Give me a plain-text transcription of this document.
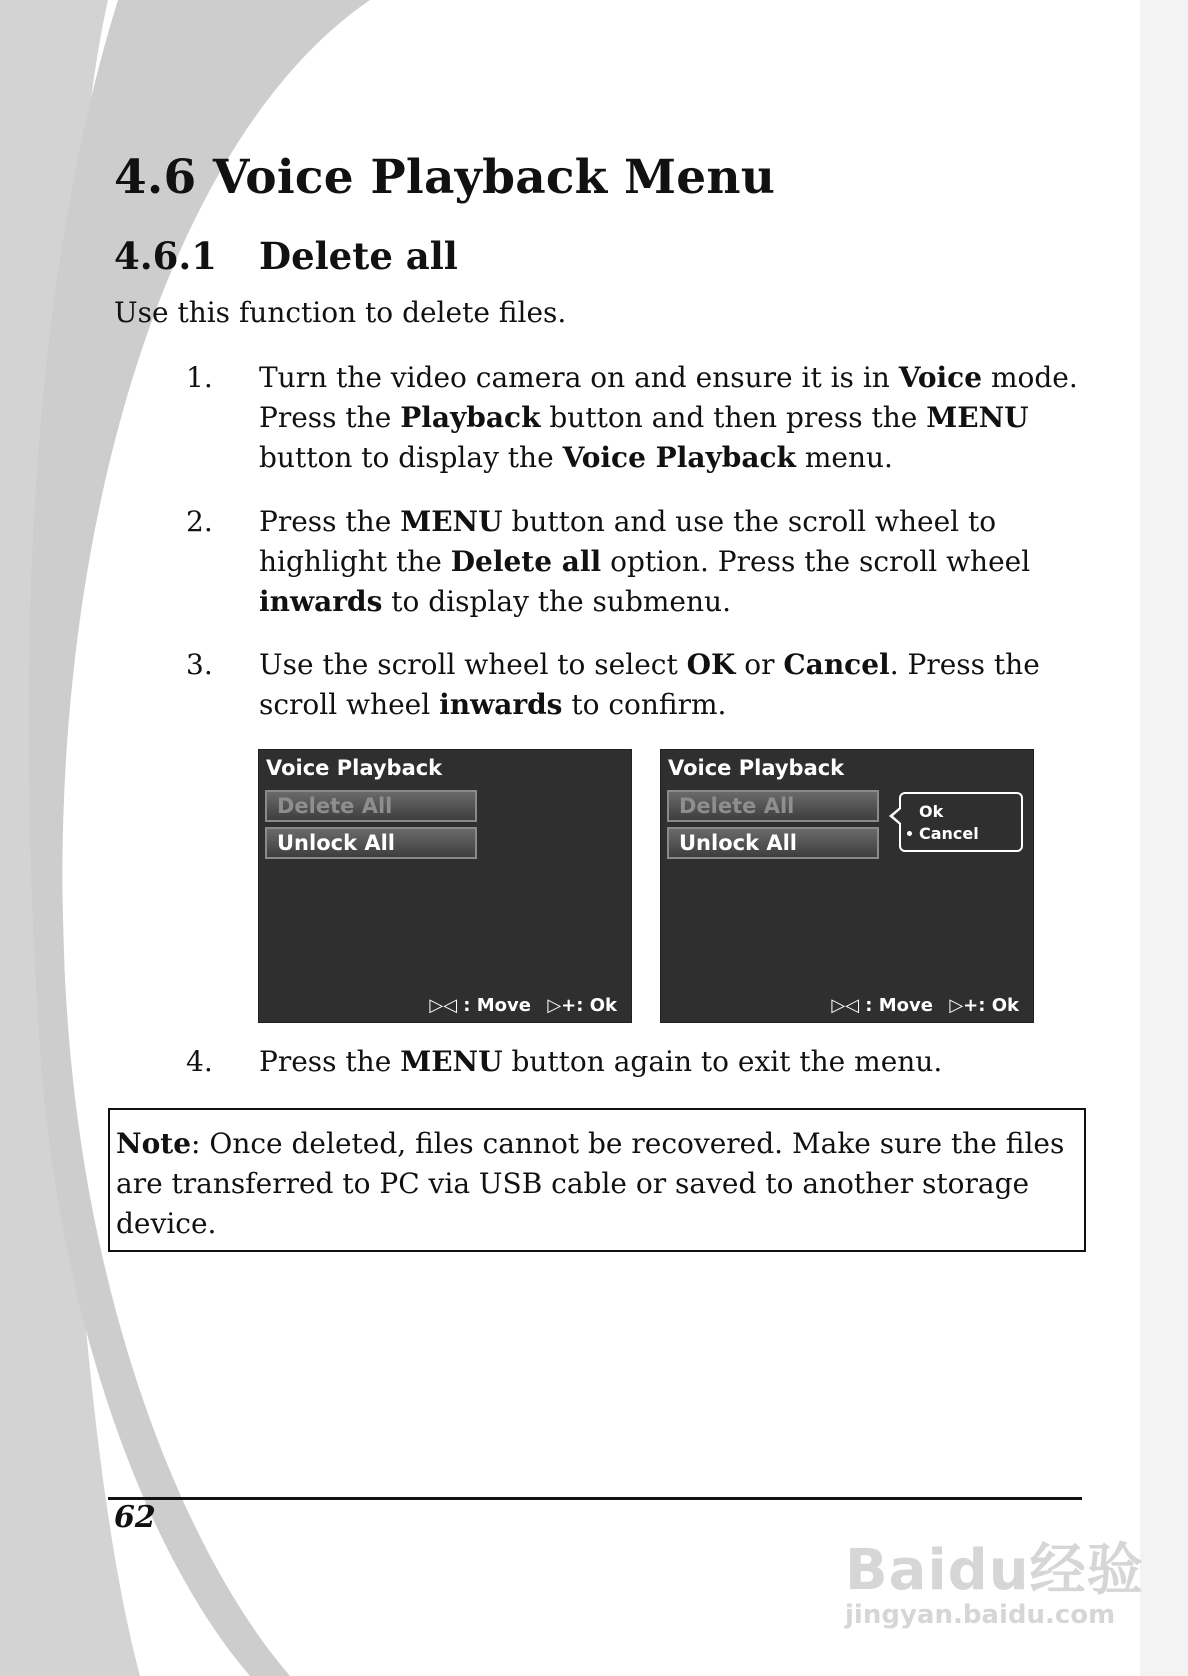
4.6 Voice Playback Menu
4.6.1 Delete all

Use this function to delete files.

1. Turn the video camera on and ensure it is in Voice mode. Press the Playback button and then press the MENU button to display the Voice Playback menu.
2. Press the MENU button and use the scroll wheel to highlight the Delete all option. Press the scroll wheel inwards to display the submenu.
3. Use the scroll wheel to select OK or Cancel. Press the scroll wheel inwards to confirm.
Voice Playback
Delete All
Unlock All
▷◁ : Move ▷+: Ok
Voice Playback
Delete All
Unlock All
Ok
Cancel
▷◁ : Move ▷+: Ok
4. Press the MENU button again to exit the menu.
Note: Once deleted, files cannot be recovered. Make sure the files are transferred to PC via USB cable or saved to another storage device.
62
Baidu经验
jingyan.baidu.com
